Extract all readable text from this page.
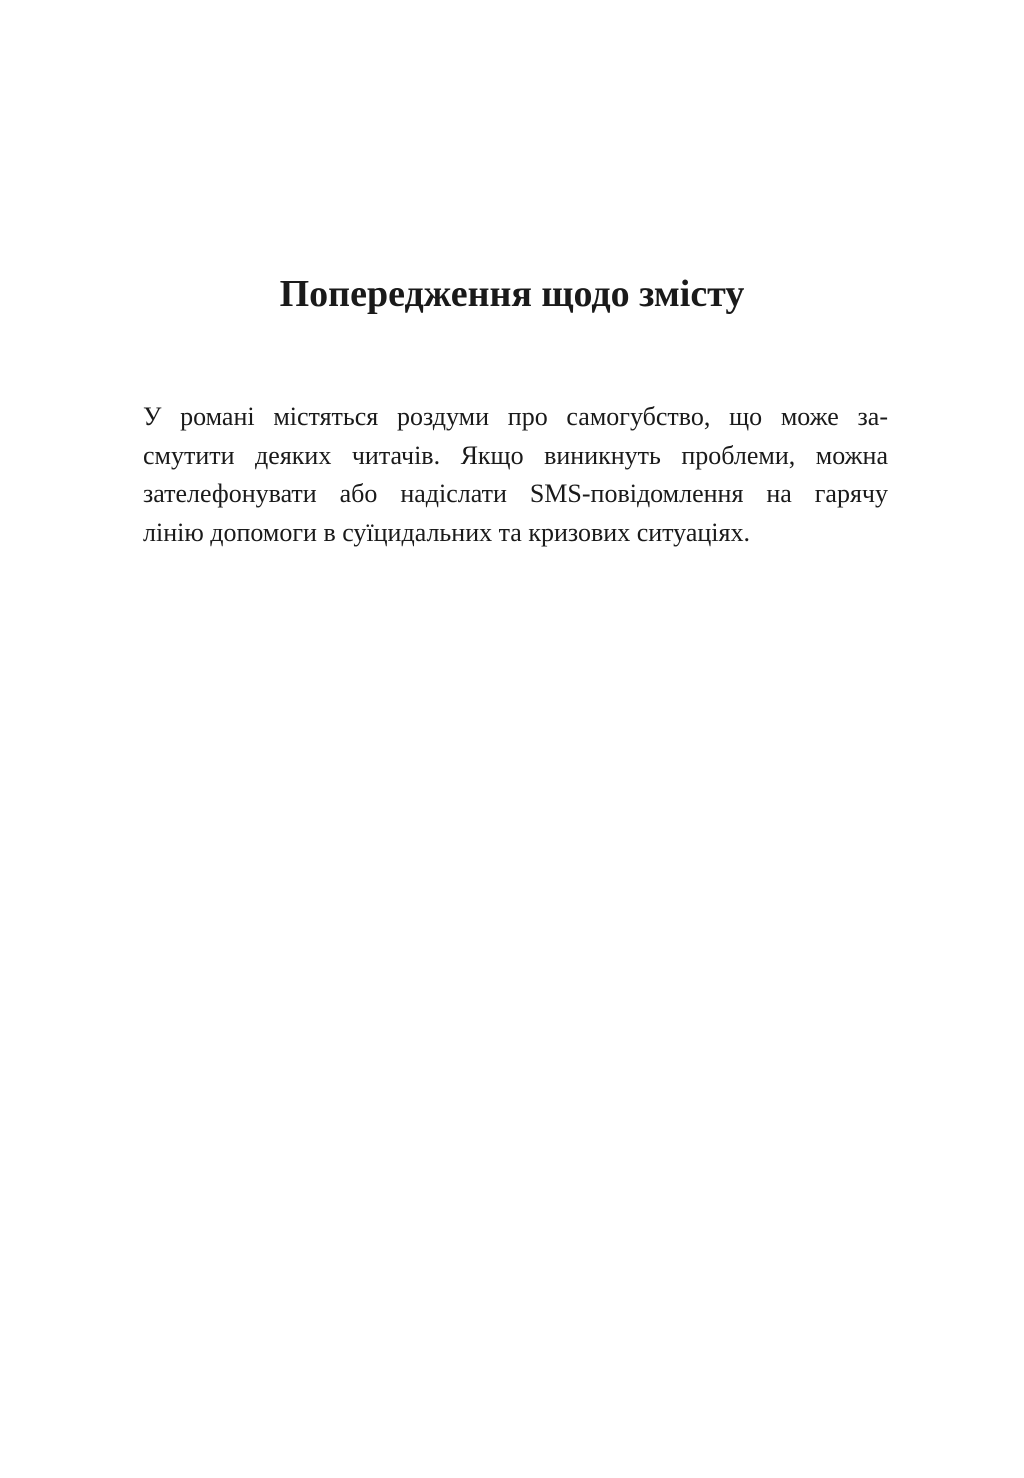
Попередження щодо змісту
У романі містяться роздуми про самогубство, що може за-
смутити деяких читачів. Якщо виникнуть проблеми, можна
зателефонувати або надіслати SMS-повідомлення на гарячу
лінію допомоги в суїцидальних та кризових ситуаціях.
